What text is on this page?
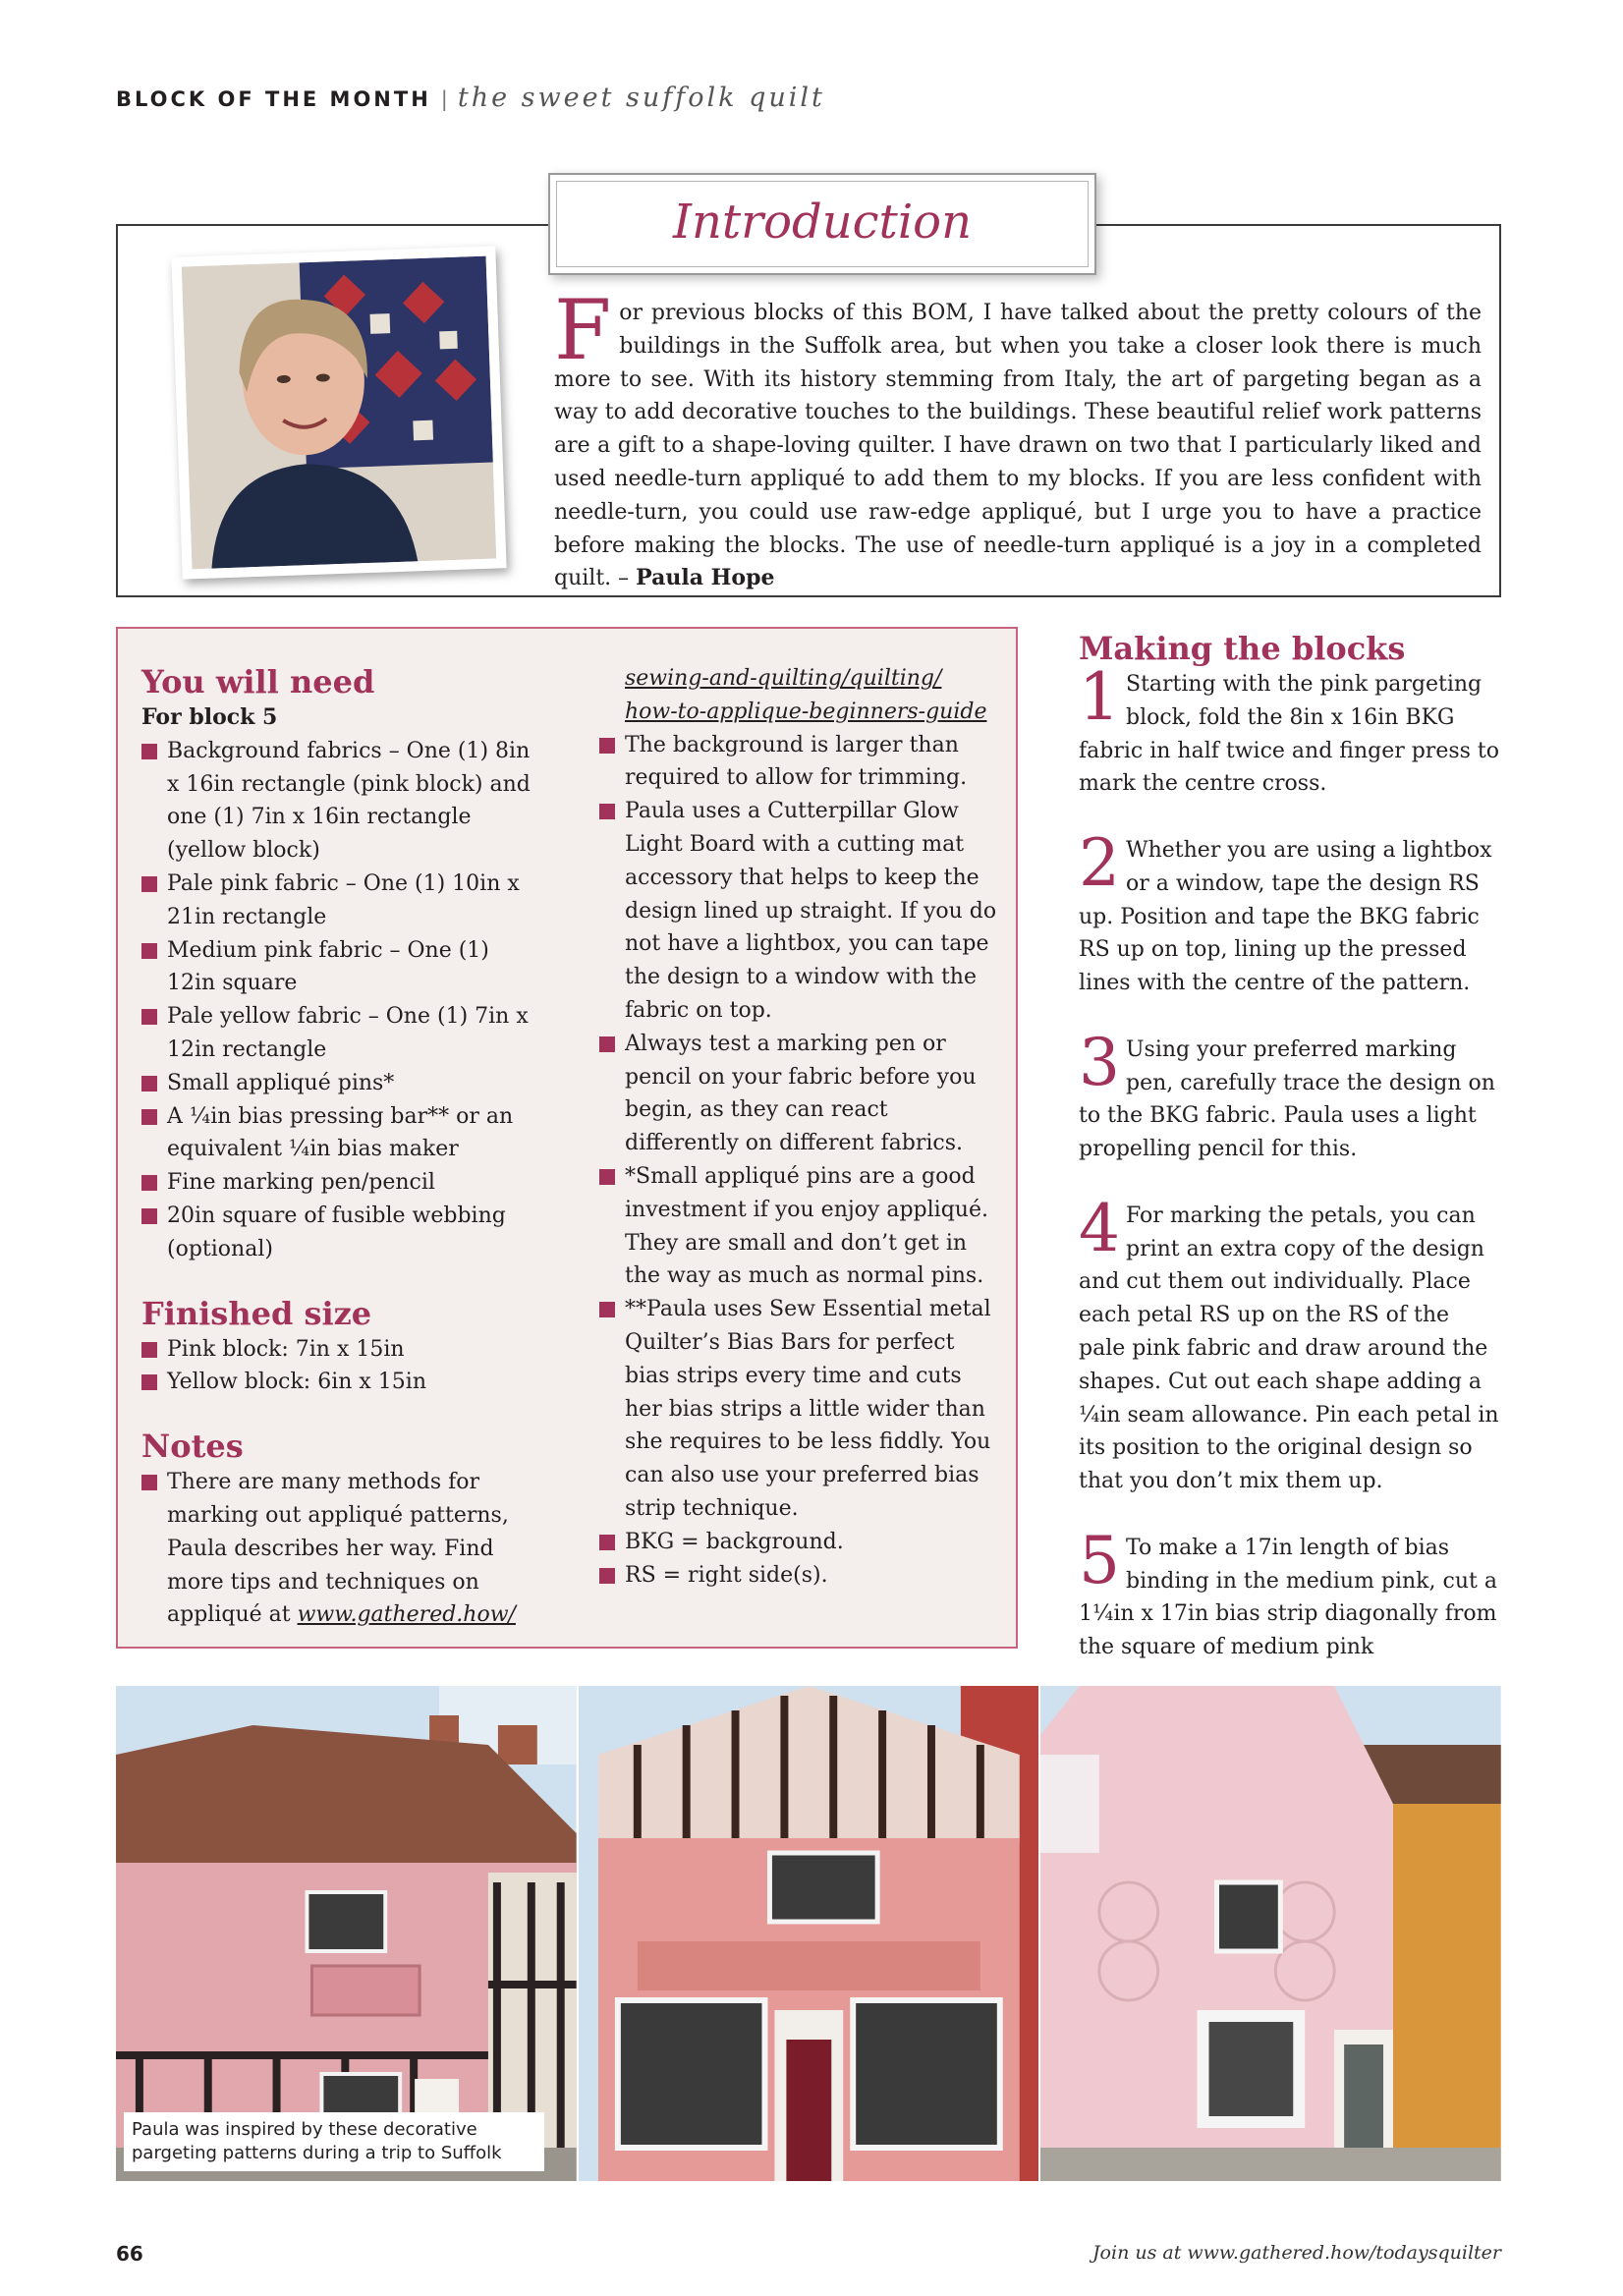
BLOCK OF THE MONTH | the sweet suffolk quilt
Introduction
For previous blocks of this BOM, I have talked about the pretty colours of the buildings in the Suffolk area, but when you take a closer look there is much more to see. With its history stemming from Italy, the art of pargeting began as a way to add decorative touches to the buildings. These beautiful relief work patterns are a gift to a shape-loving quilter. I have drawn on two that I particularly liked and used needle-turn appliqué to add them to my blocks. If you are less confident with needle-turn, you could use raw-edge appliqué, but I urge you to have a practice before making the blocks. The use of needle-turn appliqué is a joy in a completed quilt. – Paula Hope
You will need
For block 5
Background fabrics – One (1) 8in x 16in rectangle (pink block) and one (1) 7in x 16in rectangle (yellow block)
Pale pink fabric – One (1) 10in x 21in rectangle
Medium pink fabric – One (1) 12in square
Pale yellow fabric – One (1) 7in x 12in rectangle
Small appliqué pins*
A ¼in bias pressing bar** or an equivalent ¼in bias maker
Fine marking pen/pencil
20in square of fusible webbing (optional)
Finished size
Pink block: 7in x 15in
Yellow block: 6in x 15in
Notes
There are many methods for marking out appliqué patterns, Paula describes her way. Find more tips and techniques on appliqué at www.gathered.how/
sewing-and-quilting/quilting/
how-to-applique-beginners-guide
The background is larger than required to allow for trimming.
Paula uses a Cutterpillar Glow Light Board with a cutting mat accessory that helps to keep the design lined up straight. If you do not have a lightbox, you can tape the design to a window with the fabric on top.
Always test a marking pen or pencil on your fabric before you begin, as they can react differently on different fabrics.
*Small appliqué pins are a good investment if you enjoy appliqué. They are small and don’t get in the way as much as normal pins.
**Paula uses Sew Essential metal Quilter’s Bias Bars for perfect bias strips every time and cuts her bias strips a little wider than she requires to be less fiddly. You can also use your preferred bias strip technique.
BKG = background.
RS = right side(s).
Making the blocks
1 Starting with the pink pargeting block, fold the 8in x 16in BKG fabric in half twice and finger press to mark the centre cross.
2 Whether you are using a lightbox or a window, tape the design RS up. Position and tape the BKG fabric RS up on top, lining up the pressed lines with the centre of the pattern.
3 Using your preferred marking pen, carefully trace the design on to the BKG fabric. Paula uses a light propelling pencil for this.
4 For marking the petals, you can print an extra copy of the design and cut them out individually. Place each petal RS up on the RS of the pale pink fabric and draw around the shapes. Cut out each shape adding a ¼in seam allowance. Pin each petal in its position to the original design so that you don’t mix them up.
5 To make a 17in length of bias binding in the medium pink, cut a 1¼in x 17in bias strip diagonally from the square of medium pink
Paula was inspired by these decorative pargeting patterns during a trip to Suffolk
66	Join us at www.gathered.how/todaysquilter
